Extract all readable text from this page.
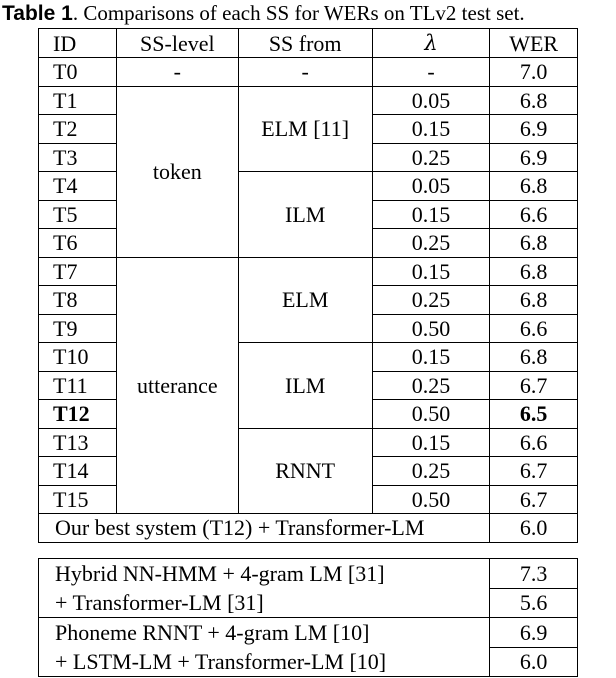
Table 1. Comparisons of each SS for WERs on TLv2 test set.
ID	SS-level	SS from	λ	WER
T0	-	-	-	7.0
T1	token	ELM [11]	0.05	6.8
T2			0.15	6.9
T3			0.25	6.9
T4		ILM	0.05	6.8
T5			0.15	6.6
T6			0.25	6.8
T7	utterance	ELM	0.15	6.8
T8			0.25	6.8
T9			0.50	6.6
T10		ILM	0.15	6.8
T11			0.25	6.7
T12			0.50	6.5
T13		RNNT	0.15	6.6
T14			0.25	6.7
T15			0.50	6.7
Our best system (T12) + Transformer-LM				6.0
Hybrid NN-HMM + 4-gram LM [31]	7.3
+ Transformer-LM [31]	5.6
Phoneme RNNT + 4-gram LM [10]	6.9
+ LSTM-LM + Transformer-LM [10]	6.0
